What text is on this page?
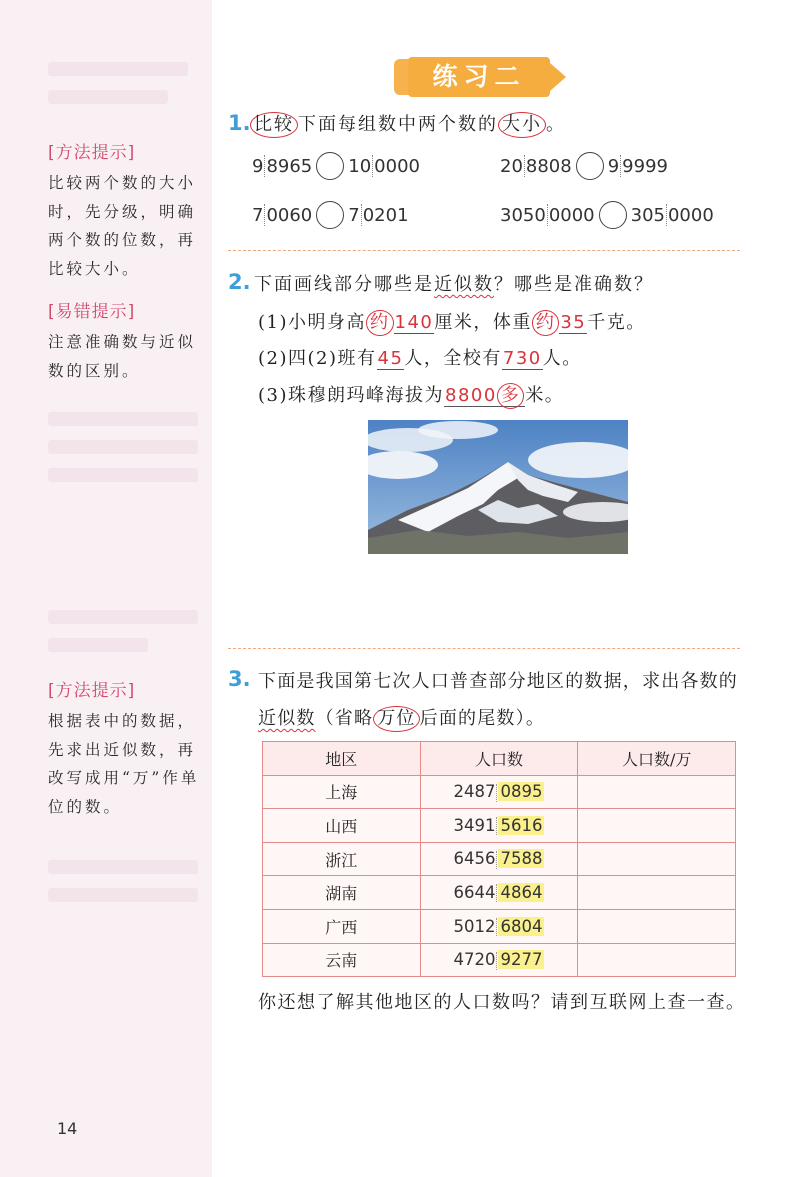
[方法提示]
比较两个数的大小时，先分级，明确两个数的位数，再比较大小。
[易错提示]
注意准确数与近似数的区别。
[方法提示]
根据表中的数据，先求出近似数，再改写成用“万”作单位的数。
练习二
1. 比较 下面每组数中两个数的 大小 。
9 8965 10 0000	20 8808 9 9999
7 0060 7 0201	3050 0000 305 0000
2. 下面画线部分哪些是近似数？哪些是准确数？
(1)小明身高 约 140厘米，体重 约 35千克。
(2)四(2)班有45人，全校有730人。
(3)珠穆朗玛峰海拔为8800 多 米。
3. 下面是我国第七次人口普查部分地区的数据，求出各数的
近似数（省略 万位 后面的尾数）。
地区	人口数	人口数/万
上海	2487 0895	
山西	3491 5616	
浙江	6456 7588	
湖南	6644 4864	
广西	5012 6804	
云南	4720 9277	
你还想了解其他地区的人口数吗？请到互联网上查一查。
14
